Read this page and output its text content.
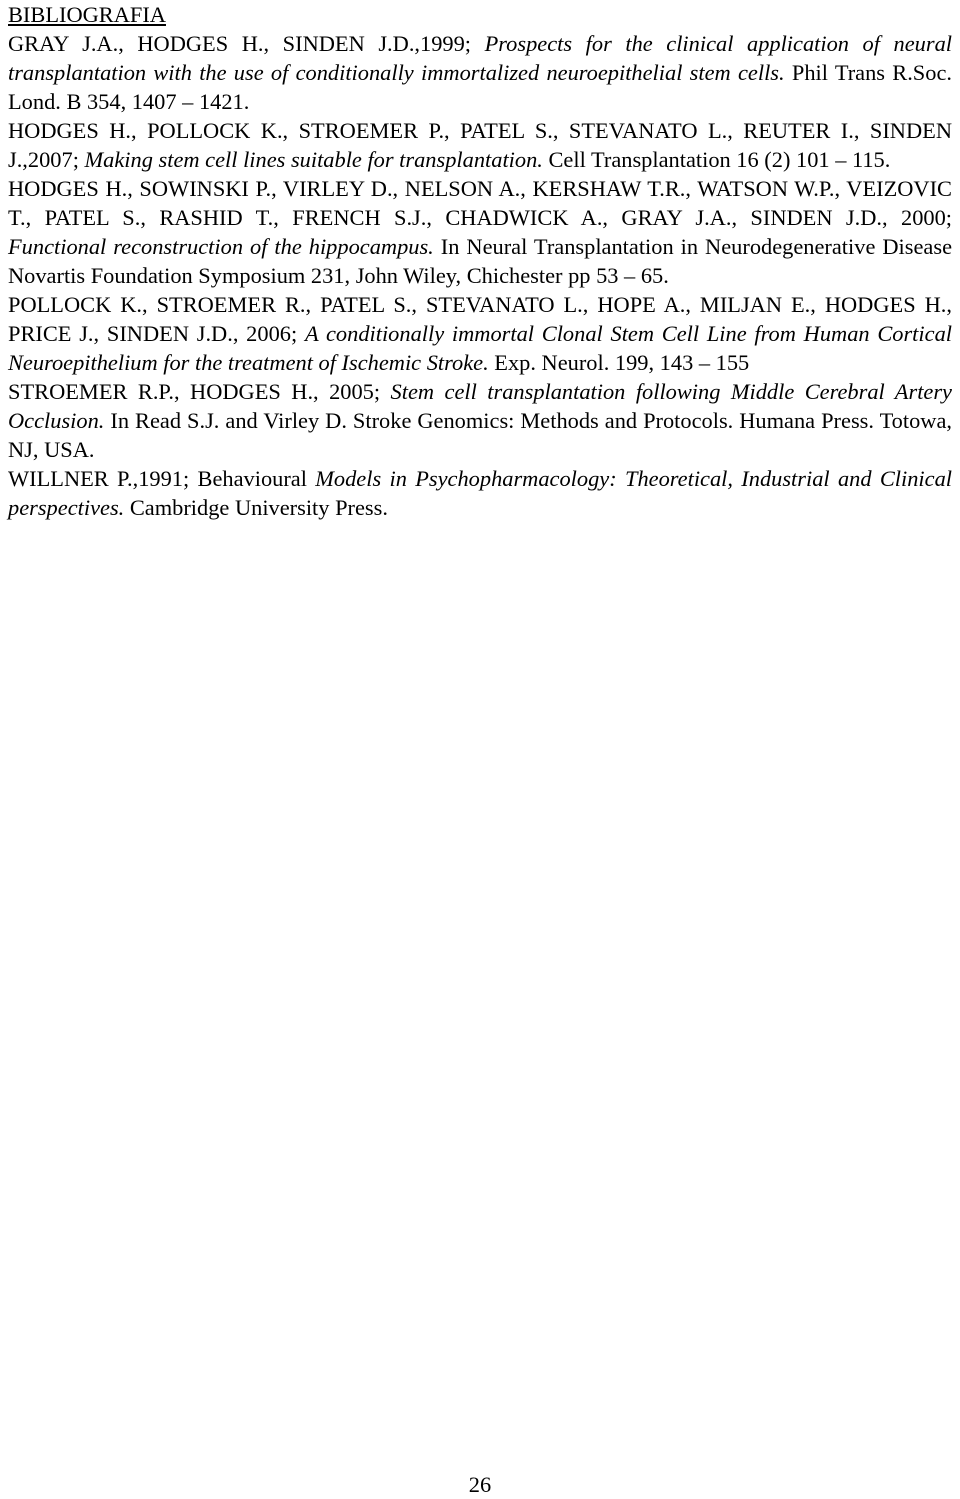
BIBLIOGRAFIA

GRAY J.A., HODGES H., SINDEN J.D.,1999; Prospects for the clinical application of neural transplantation with the use of conditionally immortalized neuroepithelial stem cells. Phil Trans R.Soc. Lond. B 354, 1407 – 1421.

HODGES H., POLLOCK K., STROEMER P., PATEL S., STEVANATO L., REUTER I., SINDEN J.,2007; Making stem cell lines suitable for transplantation. Cell Transplantation 16 (2) 101 – 115.

HODGES H., SOWINSKI P., VIRLEY D., NELSON A., KERSHAW T.R., WATSON W.P., VEIZOVIC T., PATEL S., RASHID T., FRENCH S.J., CHADWICK A., GRAY J.A., SINDEN J.D., 2000; Functional reconstruction of the hippocampus. In Neural Transplantation in Neurodegenerative Disease Novartis Foundation Symposium 231, John Wiley, Chichester pp 53 – 65.

POLLOCK K., STROEMER R., PATEL S., STEVANATO L., HOPE A., MILJAN E., HODGES H., PRICE J., SINDEN J.D., 2006; A conditionally immortal Clonal Stem Cell Line from Human Cortical Neuroepithelium for the treatment of Ischemic Stroke. Exp. Neurol. 199, 143 – 155

STROEMER R.P., HODGES H., 2005; Stem cell transplantation following Middle Cerebral Artery Occlusion. In Read S.J. and Virley D. Stroke Genomics: Methods and Protocols. Humana Press. Totowa, NJ, USA.

WILLNER P.,1991; Behavioural Models in Psychopharmacology: Theoretical, Industrial and Clinical perspectives. Cambridge University Press.

26
